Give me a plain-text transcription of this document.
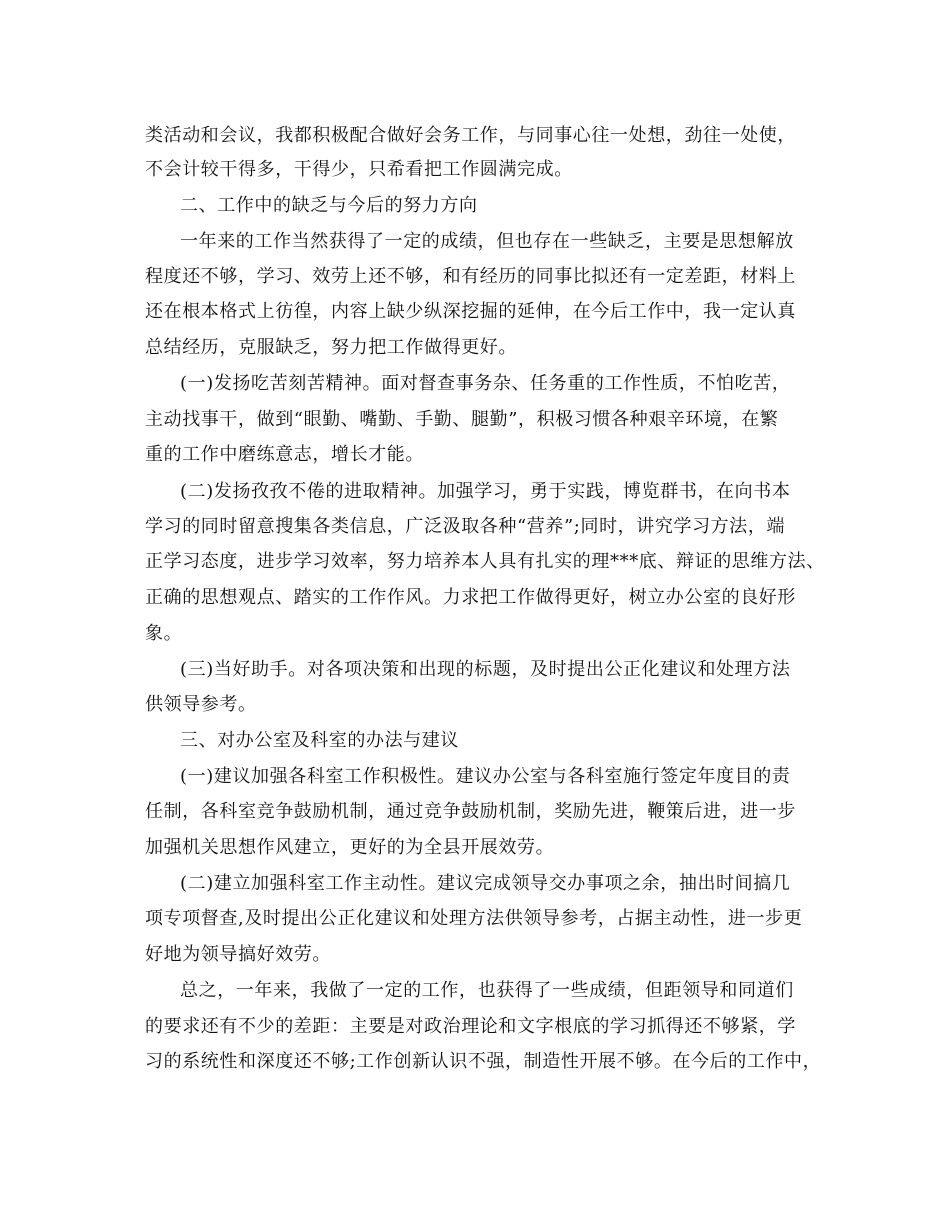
类活动和会议，我都积极配合做好会务工作，与同事心往一处想，劲往一处使，
不会计较干得多，干得少，只希看把工作圆满完成。
二、工作中的缺乏与今后的努力方向
一年来的工作当然获得了一定的成绩，但也存在一些缺乏，主要是思想解放
程度还不够，学习、效劳上还不够，和有经历的同事比拟还有一定差距，材料上
还在根本格式上彷徨，内容上缺少纵深挖掘的延伸，在今后工作中，我一定认真
总结经历，克服缺乏，努力把工作做得更好。
(一)发扬吃苦刻苦精神。面对督查事务杂、任务重的工作性质，不怕吃苦，
主动找事干，做到“眼勤、嘴勤、手勤、腿勤”，积极习惯各种艰辛环境，在繁
重的工作中磨练意志，增长才能。
(二)发扬孜孜不倦的进取精神。加强学习，勇于实践，博览群书，在向书本
学习的同时留意搜集各类信息，广泛汲取各种“营养”;同时，讲究学习方法，端
正学习态度，进步学习效率，努力培养本人具有扎实的理***底、辩证的思维方法、
正确的思想观点、踏实的工作作风。力求把工作做得更好，树立办公室的良好形
象。
(三)当好助手。对各项决策和出现的标题，及时提出公正化建议和处理方法
供领导参考。
三、对办公室及科室的办法与建议
(一)建议加强各科室工作积极性。建议办公室与各科室施行签定年度目的责
任制，各科室竞争鼓励机制，通过竞争鼓励机制，奖励先进，鞭策后进，进一步
加强机关思想作风建立，更好的为全县开展效劳。
(二)建立加强科室工作主动性。建议完成领导交办事项之余，抽出时间搞几
项专项督查,及时提出公正化建议和处理方法供领导参考，占据主动性，进一步更
好地为领导搞好效劳。
总之，一年来，我做了一定的工作，也获得了一些成绩，但距领导和同道们
的要求还有不少的差距：主要是对政治理论和文字根底的学习抓得还不够紧，学
习的系统性和深度还不够;工作创新认识不强，制造性开展不够。在今后的工作中，
